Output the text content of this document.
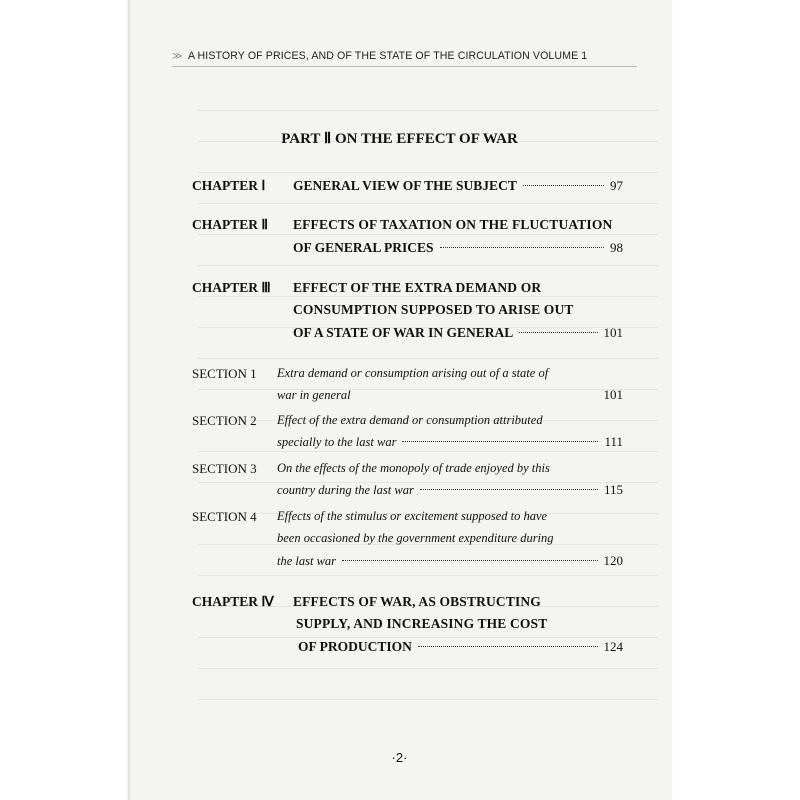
≫ A HISTORY OF PRICES, AND OF THE STATE OF THE CIRCULATION VOLUME 1
PART Ⅱ ON THE EFFECT OF WAR
CHAPTER Ⅰ GENERAL VIEW OF THE SUBJECT	97
CHAPTER Ⅱ EFFECTS OF TAXATION ON THE FLUCTUATION
OF GENERAL PRICES	98
CHAPTER Ⅲ EFFECT OF THE EXTRA DEMAND OR
CONSUMPTION SUPPOSED TO ARISE OUT
OF A STATE OF WAR IN GENERAL	101
SECTION 1 Extra demand or consumption arising out of a state of
war in general	101
SECTION 2 Effect of the extra demand or consumption attributed
specially to the last war	111
SECTION 3 On the effects of the monopoly of trade enjoyed by this
country during the last war	115
SECTION 4 Effects of the stimulus or excitement supposed to have
been occasioned by the government expenditure during
the last war	120
CHAPTER Ⅳ EFFECTS OF WAR, AS OBSTRUCTING
SUPPLY, AND INCREASING THE COST
OF PRODUCTION	124
·2·
